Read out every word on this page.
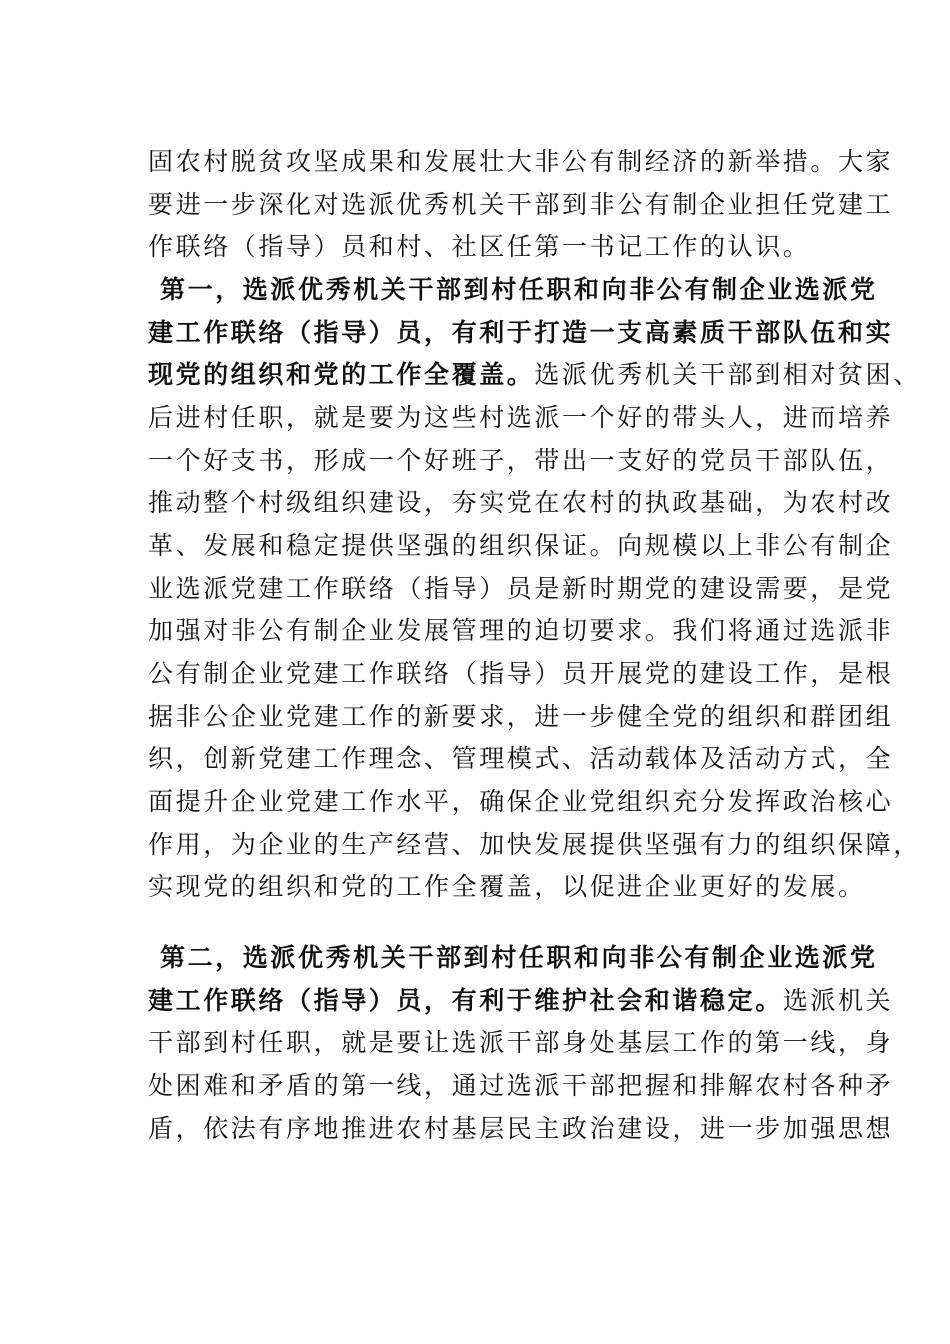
固农村脱贫攻坚成果和发展壮大非公有制经济的新举措。大家
要进一步深化对选派优秀机关干部到非公有制企业担任党建工
作联络（指导）员和村、社区任第一书记工作的认识。
第一，选派优秀机关干部到村任职和向非公有制企业选派党
建工作联络（指导）员，有利于打造一支高素质干部队伍和实
现党的组织和党的工作全覆盖。选派优秀机关干部到相对贫困、
后进村任职，就是要为这些村选派一个好的带头人，进而培养
一个好支书，形成一个好班子，带出一支好的党员干部队伍，
推动整个村级组织建设，夯实党在农村的执政基础，为农村改
革、发展和稳定提供坚强的组织保证。向规模以上非公有制企
业选派党建工作联络（指导）员是新时期党的建设需要，是党
加强对非公有制企业发展管理的迫切要求。我们将通过选派非
公有制企业党建工作联络（指导）员开展党的建设工作，是根
据非公企业党建工作的新要求，进一步健全党的组织和群团组
织，创新党建工作理念、管理模式、活动载体及活动方式，全
面提升企业党建工作水平，确保企业党组织充分发挥政治核心
作用，为企业的生产经营、加快发展提供坚强有力的组织保障，
实现党的组织和党的工作全覆盖，以促进企业更好的发展。
第二，选派优秀机关干部到村任职和向非公有制企业选派党
建工作联络（指导）员，有利于维护社会和谐稳定。选派机关
干部到村任职，就是要让选派干部身处基层工作的第一线，身
处困难和矛盾的第一线，通过选派干部把握和排解农村各种矛
盾，依法有序地推进农村基层民主政治建设，进一步加强思想
